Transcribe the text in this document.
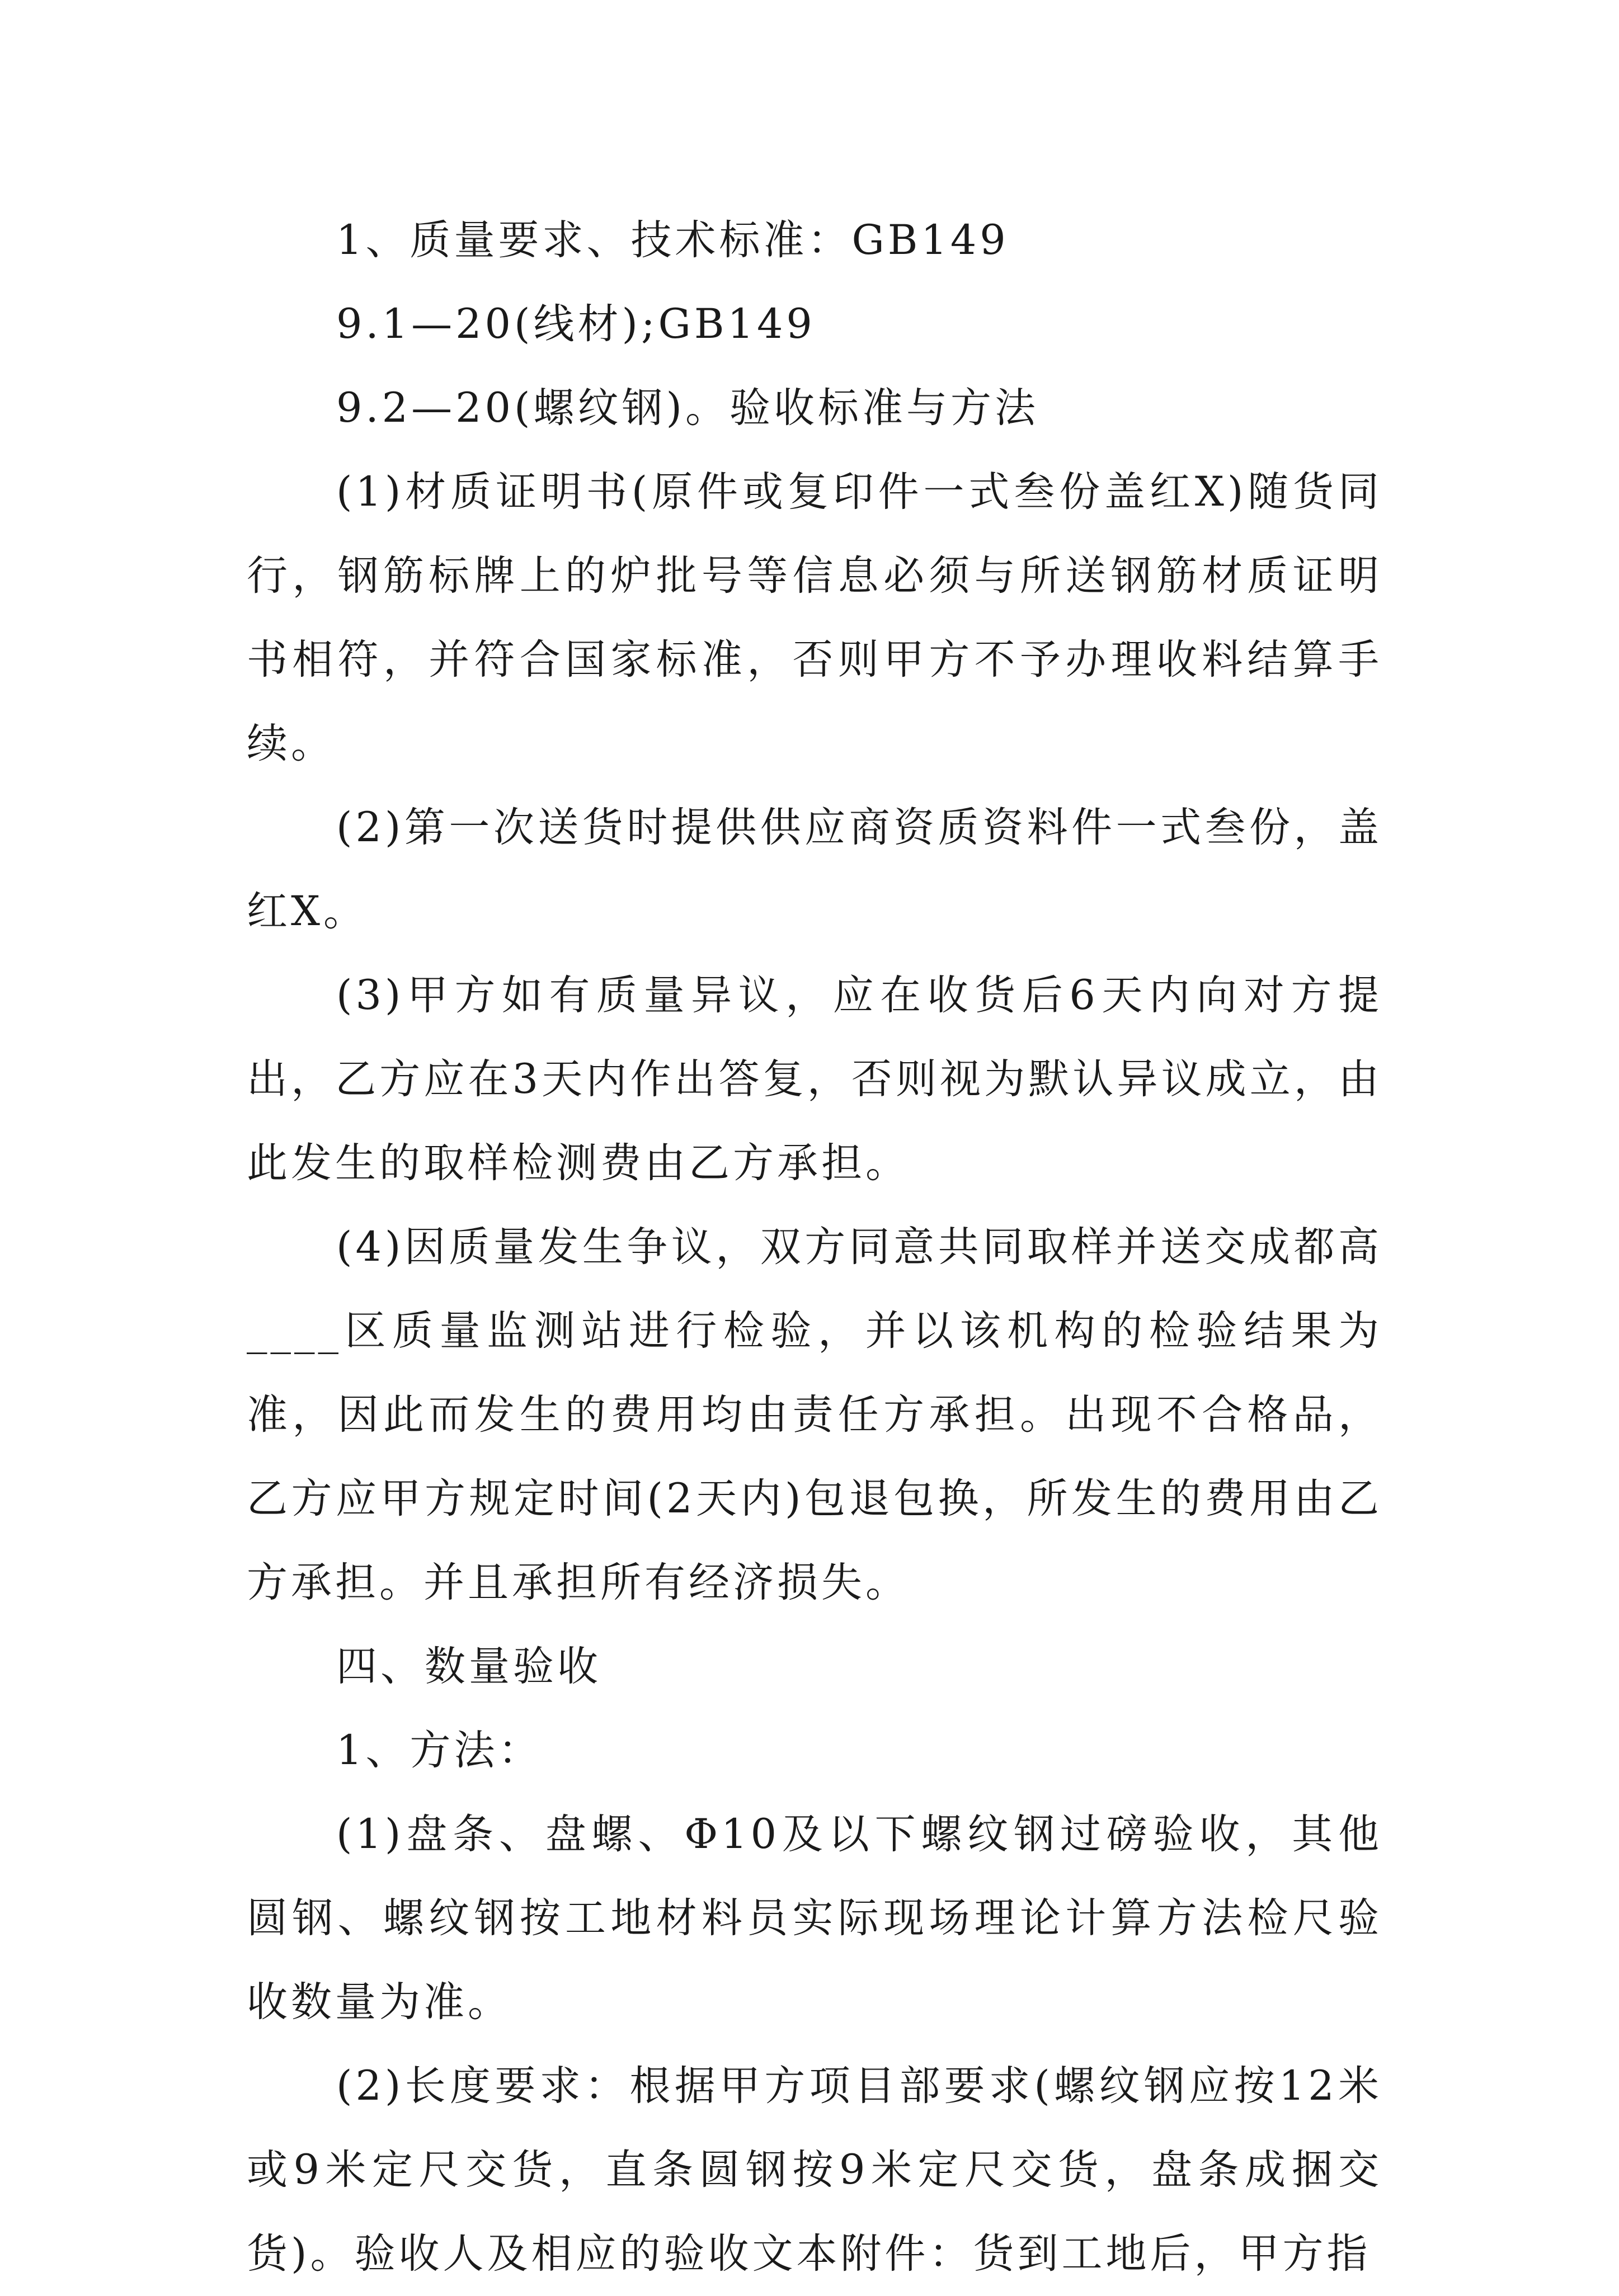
1、质量要求、技术标准：GB149

9.1—20(线材);GB149

9.2—20(螺纹钢)。验收标准与方法

(1)材质证明书(原件或复印件一式叁份盖红X)随货同行，钢筋标牌上的炉批号等信息必须与所送钢筋材质证明书相符，并符合国家标准，否则甲方不予办理收料结算手续。

(2)第一次送货时提供供应商资质资料件一式叁份，盖红X。

(3)甲方如有质量异议，应在收货后6天内向对方提出，乙方应在3天内作出答复，否则视为默认异议成立，由此发生的取样检测费由乙方承担。

(4)因质量发生争议，双方同意共同取样并送交成都高____区质量监测站进行检验，并以该机构的检验结果为准，因此而发生的费用均由责任方承担。出现不合格品，乙方应甲方规定时间(2天内)包退包换，所发生的费用由乙方承担。并且承担所有经济损失。

四、数量验收

1、方法：

(1)盘条、盘螺、Φ10及以下螺纹钢过磅验收，其他圆钢、螺纹钢按工地材料员实际现场理论计算方法检尺验收数量为准。

(2)长度要求：根据甲方项目部要求(螺纹钢应按12米或9米定尺交货，直条圆钢按9米定尺交货，盘条成捆交货)。验收人及相应的验收文本附件：货到工地后，甲方指
